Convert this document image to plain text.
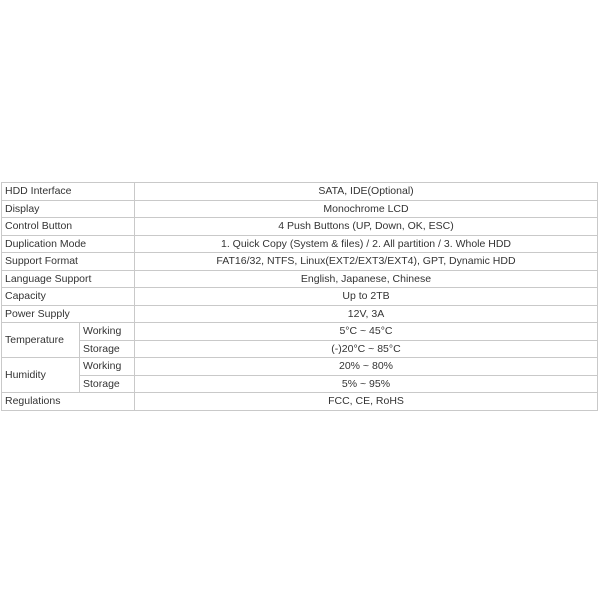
HDD Interface		SATA, IDE(Optional)
Display		Monochrome LCD
Control Button		4 Push Buttons (UP, Down, OK, ESC)
Duplication Mode		1. Quick Copy (System & files) / 2. All partition / 3. Whole HDD
Support Format		FAT16/32, NTFS, Linux(EXT2/EXT3/EXT4), GPT, Dynamic HDD
Language Support		English, Japanese, Chinese
Capacity		Up to 2TB
Power Supply		12V, 3A
Temperature	Working	5°C ~ 45°C
	Storage	(-)20°C ~ 85°C
Humidity	Working	20% ~ 80%
	Storage	5% ~ 95%
Regulations		FCC, CE, RoHS
